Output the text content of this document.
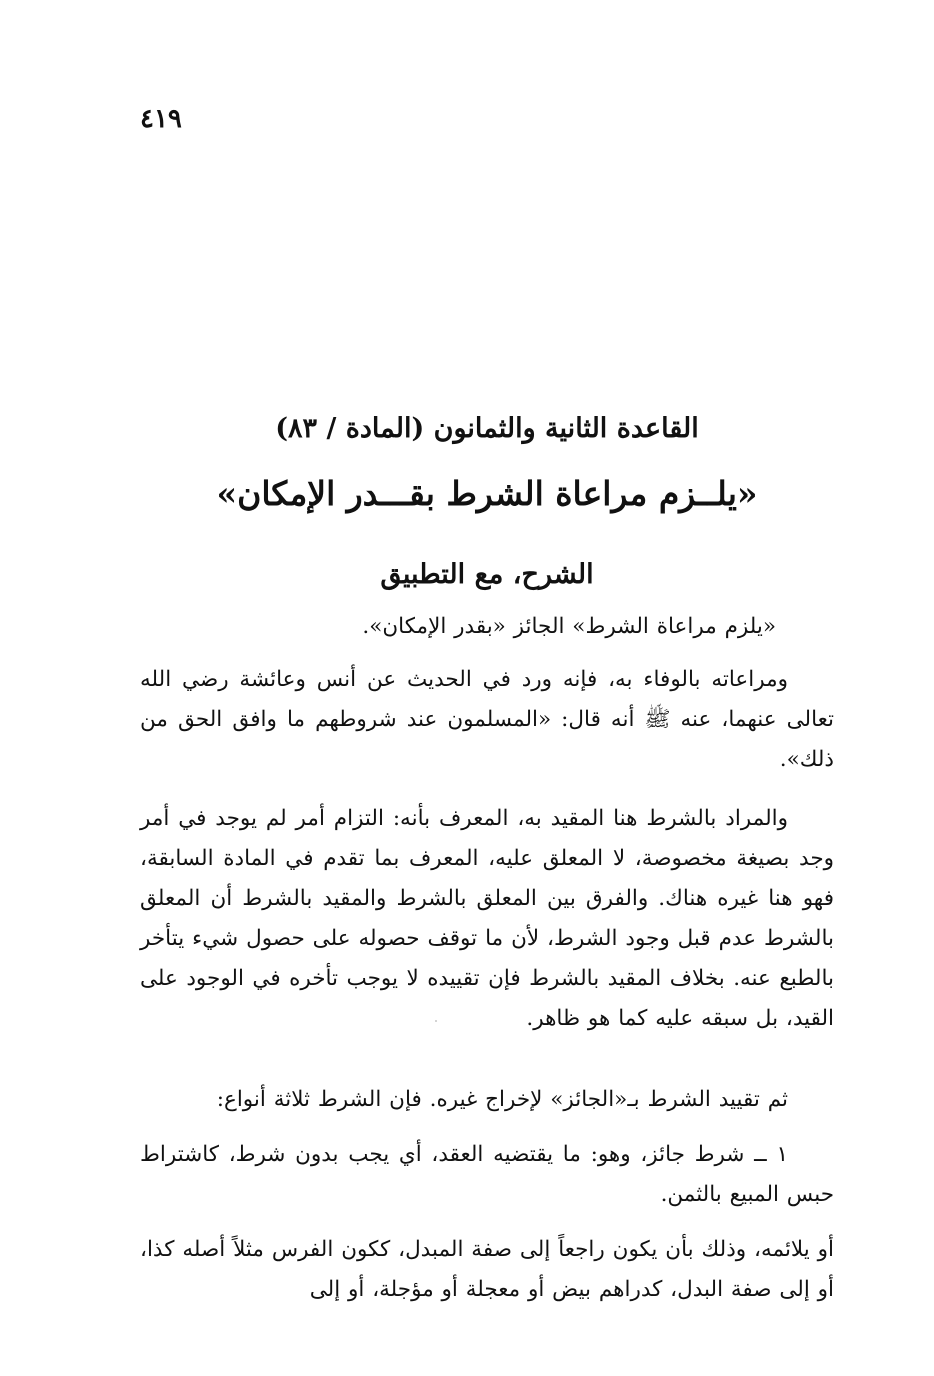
٤١٩
القاعدة الثانية والثمانون (المادة / ٨٣)
«يلــزم مراعاة الشرط بقـــدر الإمكان»
الشرح، مع التطبيق

«يلزم مراعاة الشرط» الجائز «بقدر الإمكان».

ومراعاته بالوفاء به، فإنه ورد في الحديث عن أنس وعائشة رضي الله تعالى عنهما، عنه ﷺ أنه قال: «المسلمون عند شروطهم ما وافق الحق من ذلك».

والمراد بالشرط هنا المقيد به، المعرف بأنه: التزام أمر لم يوجد في أمر وجد بصيغة مخصوصة، لا المعلق عليه، المعرف بما تقدم في المادة السابقة، فهو هنا غيره هناك. والفرق بين المعلق بالشرط والمقيد بالشرط أن المعلق بالشرط عدم قبل وجود الشرط، لأن ما توقف حصوله على حصول شيء يتأخر بالطبع عنه. بخلاف المقيد بالشرط فإن تقييده لا يوجب تأخره في الوجود على القيد، بل سبقه عليه كما هو ظاهر.

ثم تقييد الشرط بـ«الجائز» لإخراج غيره. فإن الشرط ثلاثة أنواع:

١ ــ شرط جائز، وهو: ما يقتضيه العقد، أي يجب بدون شرط، كاشتراط حبس المبيع بالثمن.

أو يلائمه، وذلك بأن يكون راجعاً إلى صفة المبدل، ككون الفرس مثلاً أصله كذا، أو إلى صفة البدل، كدراهم بيض أو معجلة أو مؤجلة، أو إلى
